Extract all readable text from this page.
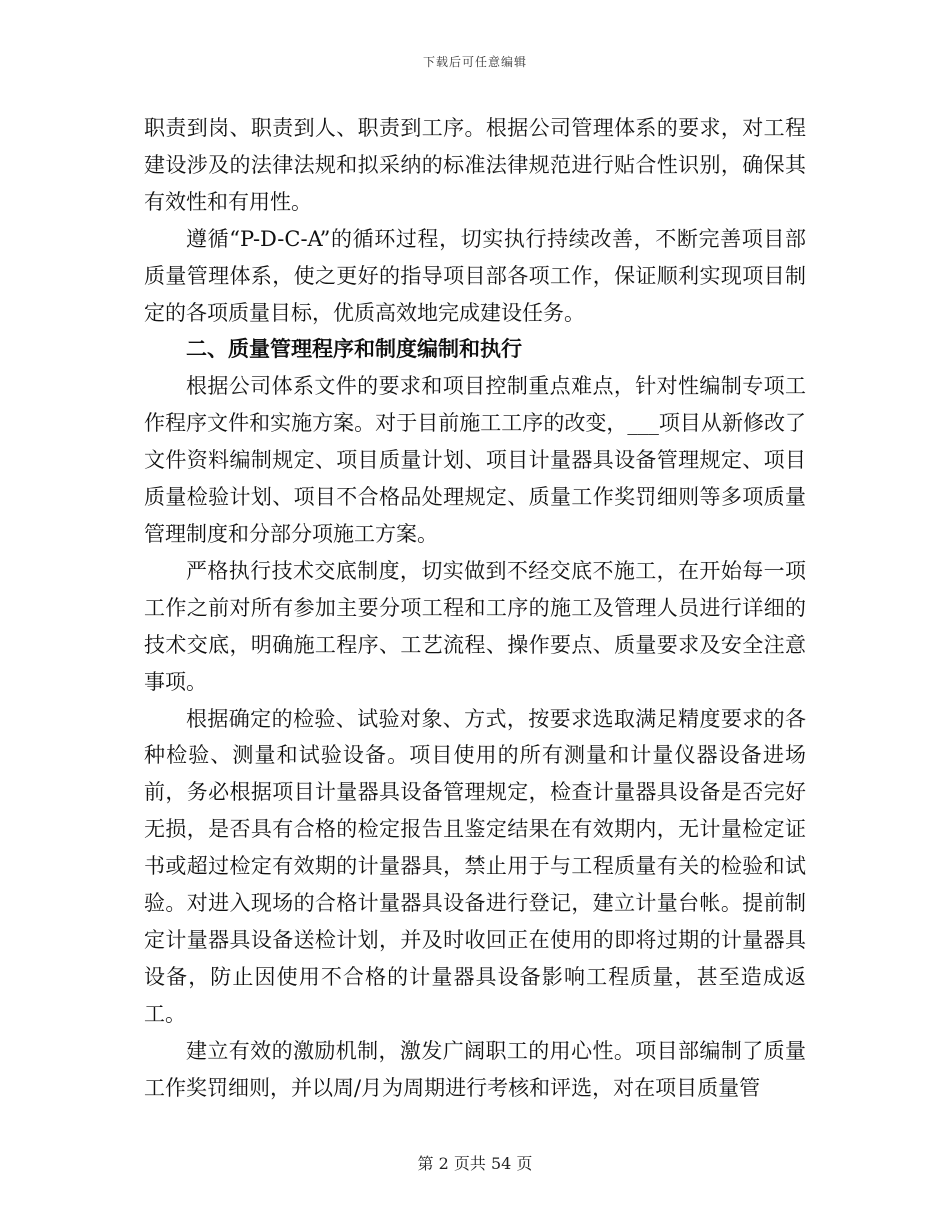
下载后可任意编辑

职责到岗、职责到人、职责到工序。根据公司管理体系的要求，对工程建设涉及的法律法规和拟采纳的标准法律规范进行贴合性识别，确保其有效性和有用性。

遵循“P-D-C-A”的循环过程，切实执行持续改善，不断完善项目部质量管理体系，使之更好的指导项目部各项工作，保证顺利实现项目制定的各项质量目标，优质高效地完成建设任务。

二、质量管理程序和制度编制和执行

根据公司体系文件的要求和项目控制重点难点，针对性编制专项工作程序文件和实施方案。对于目前施工工序的改变，___项目从新修改了文件资料编制规定、项目质量计划、项目计量器具设备管理规定、项目质量检验计划、项目不合格品处理规定、质量工作奖罚细则等多项质量管理制度和分部分项施工方案。

严格执行技术交底制度，切实做到不经交底不施工，在开始每一项工作之前对所有参加主要分项工程和工序的施工及管理人员进行详细的技术交底，明确施工程序、工艺流程、操作要点、质量要求及安全注意事项。

根据确定的检验、试验对象、方式，按要求选取满足精度要求的各种检验、测量和试验设备。项目使用的所有测量和计量仪器设备进场前，务必根据项目计量器具设备管理规定，检查计量器具设备是否完好无损，是否具有合格的检定报告且鉴定结果在有效期内，无计量检定证书或超过检定有效期的计量器具，禁止用于与工程质量有关的检验和试验。对进入现场的合格计量器具设备进行登记，建立计量台帐。提前制定计量器具设备送检计划，并及时收回正在使用的即将过期的计量器具设备，防止因使用不合格的计量器具设备影响工程质量，甚至造成返工。

建立有效的激励机制，激发广阔职工的用心性。项目部编制了质量工作奖罚细则，并以周/月为周期进行考核和评选，对在项目质量管

第 2 页共 54 页
